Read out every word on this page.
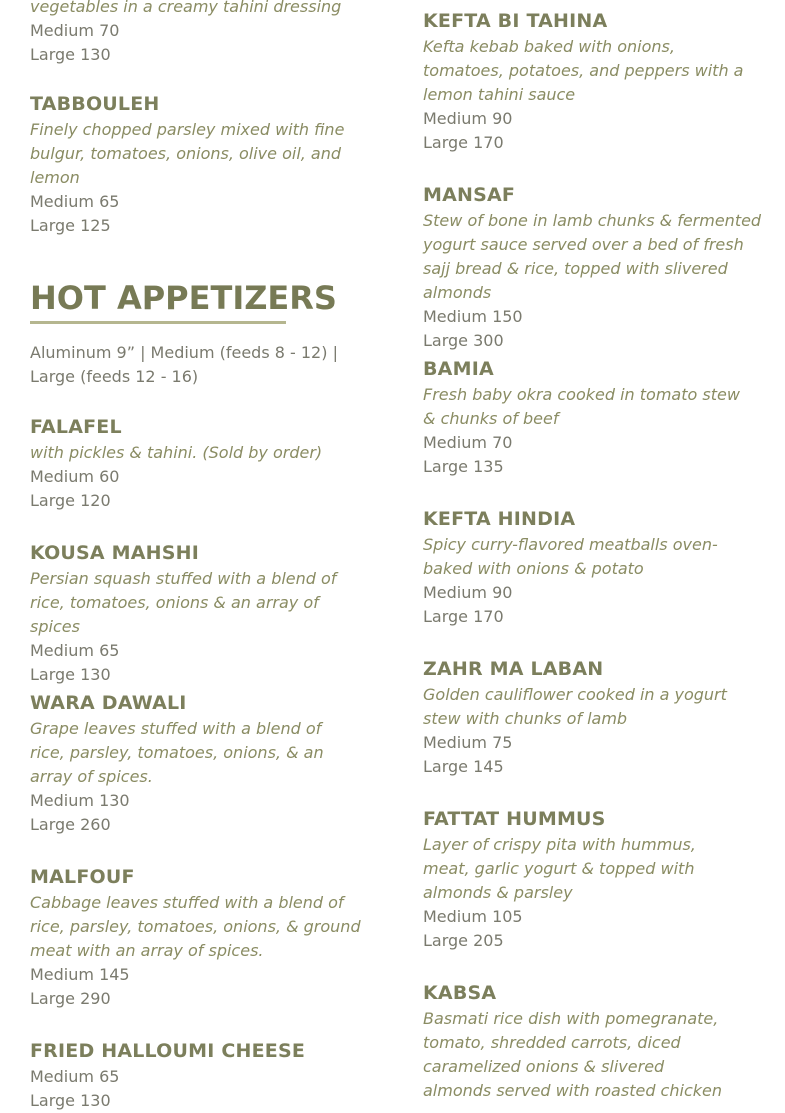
vegetables in a creamy tahini dressing
Medium 70
Large 130
TABBOULEH
Finely chopped parsley mixed with fine bulgur, tomatoes, onions, olive oil, and lemon
Medium 65
Large 125
HOT APPETIZERS
Aluminum 9” | Medium (feeds 8 - 12) | Large (feeds 12 - 16)
FALAFEL
with pickles & tahini. (Sold by order)
Medium 60
Large 120
KOUSA MAHSHI
Persian squash stuffed with a blend of rice, tomatoes, onions & an array of spices
Medium 65
Large 130
WARA DAWALI
Grape leaves stuffed with a blend of rice, parsley, tomatoes, onions, & an array of spices.
Medium 130
Large 260
MALFOUF
Cabbage leaves stuffed with a blend of rice, parsley, tomatoes, onions, & ground meat with an array of spices.
Medium 145
Large 290
FRIED HALLOUMI CHEESE
Medium 65
Large 130
KEFTA BI TAHINA
Kefta kebab baked with onions, tomatoes, potatoes, and peppers with a lemon tahini sauce
Medium 90
Large 170
MANSAF
Stew of bone in lamb chunks & fermented yogurt sauce served over a bed of fresh sajj bread & rice, topped with slivered almonds
Medium 150
Large 300
BAMIA
Fresh baby okra cooked in tomato stew & chunks of beef
Medium 70
Large 135
KEFTA HINDIA
Spicy curry-flavored meatballs oven-baked with onions & potato
Medium 90
Large 170
ZAHR MA LABAN
Golden cauliflower cooked in a yogurt stew with chunks of lamb
Medium 75
Large 145
FATTAT HUMMUS
Layer of crispy pita with hummus, meat, garlic yogurt & topped with almonds & parsley
Medium 105
Large 205
KABSA
Basmati rice dish with pomegranate, tomato, shredded carrots, diced caramelized onions & slivered almonds served with roasted chicken
